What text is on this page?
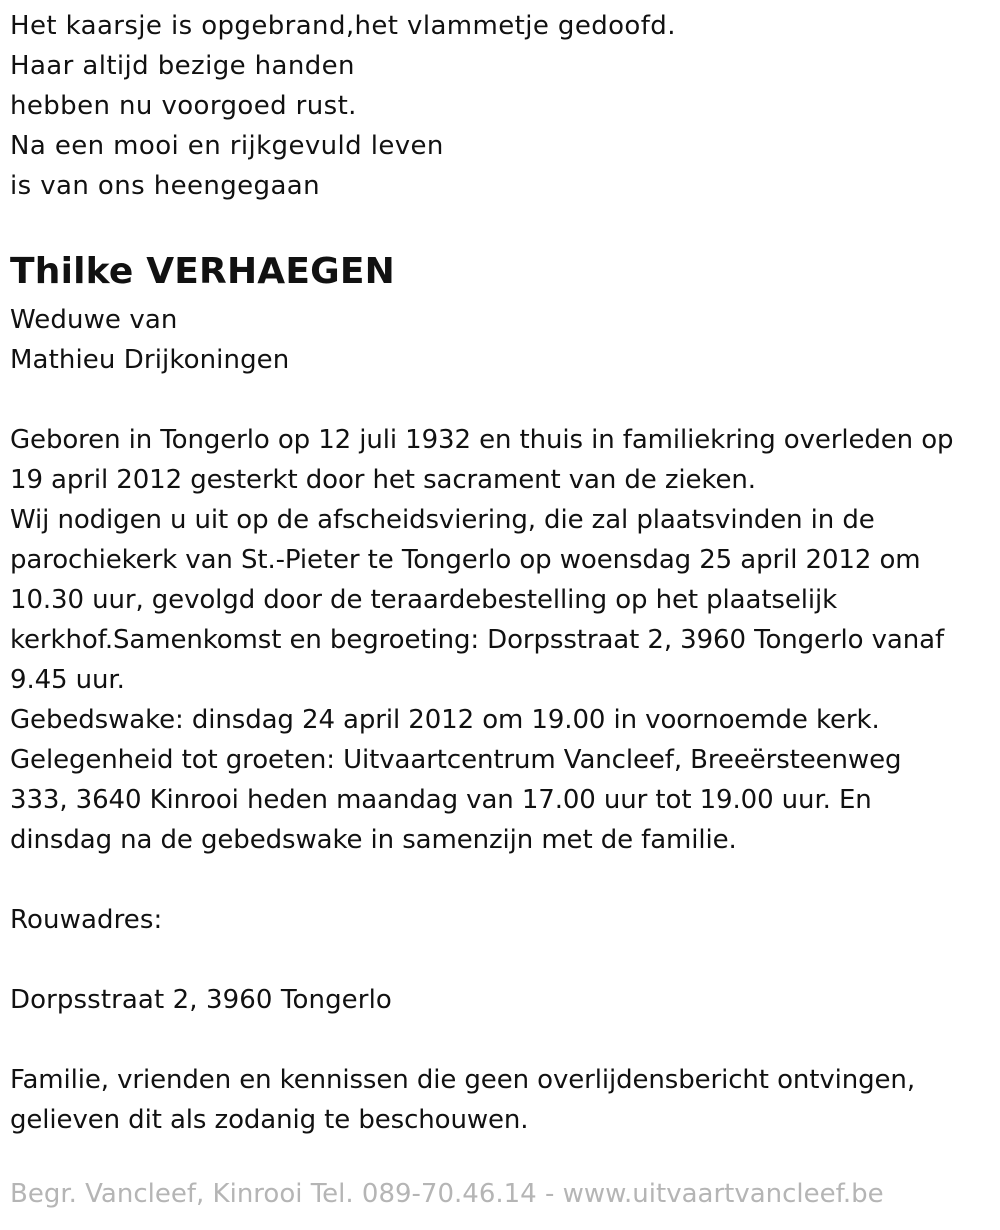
Het kaarsje is opgebrand,het vlammetje gedoofd.
Haar altijd bezige handen
hebben nu voorgoed rust.
Na een mooi en rijkgevuld leven
is van ons heengegaan
Thilke VERHAEGEN
Weduwe van
Mathieu Drijkoningen
Geboren in Tongerlo op 12 juli 1932 en thuis in familiekring overleden op
19 april 2012 gesterkt door het sacrament van de zieken.
Wij nodigen u uit op de afscheidsviering, die zal plaatsvinden in de
parochiekerk van St.-Pieter te Tongerlo op woensdag 25 april 2012 om
10.30 uur, gevolgd door de teraardebestelling op het plaatselijk
kerkhof.Samenkomst en begroeting: Dorpsstraat 2, 3960 Tongerlo vanaf
9.45 uur.
Gebedswake: dinsdag 24 april 2012 om 19.00 in voornoemde kerk.
Gelegenheid tot groeten: Uitvaartcentrum Vancleef, Breeërsteenweg
333, 3640 Kinrooi heden maandag van 17.00 uur tot 19.00 uur. En
dinsdag na de gebedswake in samenzijn met de familie.
Rouwadres:
Dorpsstraat 2, 3960 Tongerlo
Familie, vrienden en kennissen die geen overlijdensbericht ontvingen,
gelieven dit als zodanig te beschouwen.
Begr. Vancleef, Kinrooi Tel. 089-70.46.14 - www.uitvaartvancleef.be
